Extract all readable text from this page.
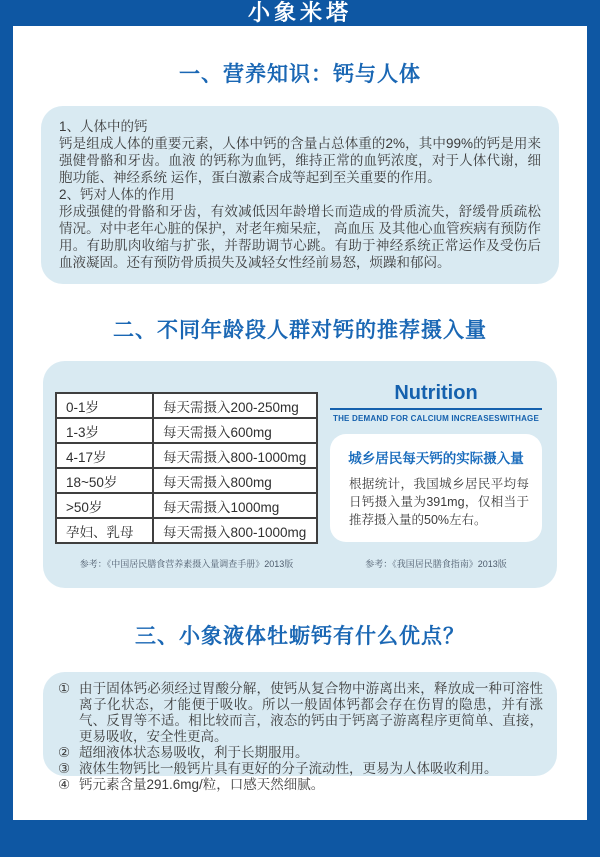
小象米塔
一、营养知识：钙与人体

1、人体中的钙

钙是组成人体的重要元素，人体中钙的含量占总体重的2%，其中99%的钙是用来强健骨骼和牙齿。血液 的钙称为血钙，维持正常的血钙浓度，对于人体代谢，细胞功能、神经系统 运作，蛋白激素合成等起到至关重要的作用。

2、钙对人体的作用

形成强健的骨骼和牙齿，有效减低因年龄增长而造成的骨质流失，舒缓骨质疏松情况。对中老年心脏的保护，对老年痴呆症， 高血压 及其他心血管疾病有预防作用。有助肌肉收缩与扩张，并帮助调节心跳。有助于神经系统正常运作及受伤后血液凝固。还有预防骨质损失及减轻女性经前易怒，烦躁和郁闷。

二、不同年龄段人群对钙的推荐摄入量
0-1岁	每天需摄入200-250mg
1-3岁	每天需摄入600mg
4-17岁	每天需摄入800-1000mg
18~50岁	每天需摄入800mg
>50岁	每天需摄入1000mg
孕妇、乳母	每天需摄入800-1000mg
参考：《中国居民膳食营养素摄入量调查手册》2013版
Nutrition
THE DEMAND FOR CALCIUM INCREASESWITHAGE
城乡居民每天钙的实际摄入量
根据统计，我国城乡居民平均每日钙摄入量为391mg，仅相当于推荐摄入量的50%左右。
参考：《我国居民膳食指南》2013版
三、小象液体牡蛎钙有什么优点？
① 由于固体钙必须经过胃酸分解，使钙从复合物中游离出来，释放成一种可溶性离子化状态，才能便于吸收。所以一般固体钙都会存在伤胃的隐患，并有涨气、反胃等不适。相比较而言，液态的钙由于钙离子游离程序更简单、直接，更易吸收，安全性更高。
② 超细液体状态易吸收，利于长期服用。
③ 液体生物钙比一般钙片具有更好的分子流动性，更易为人体吸收利用。
④ 钙元素含量291.6mg/粒，口感天然细腻。
